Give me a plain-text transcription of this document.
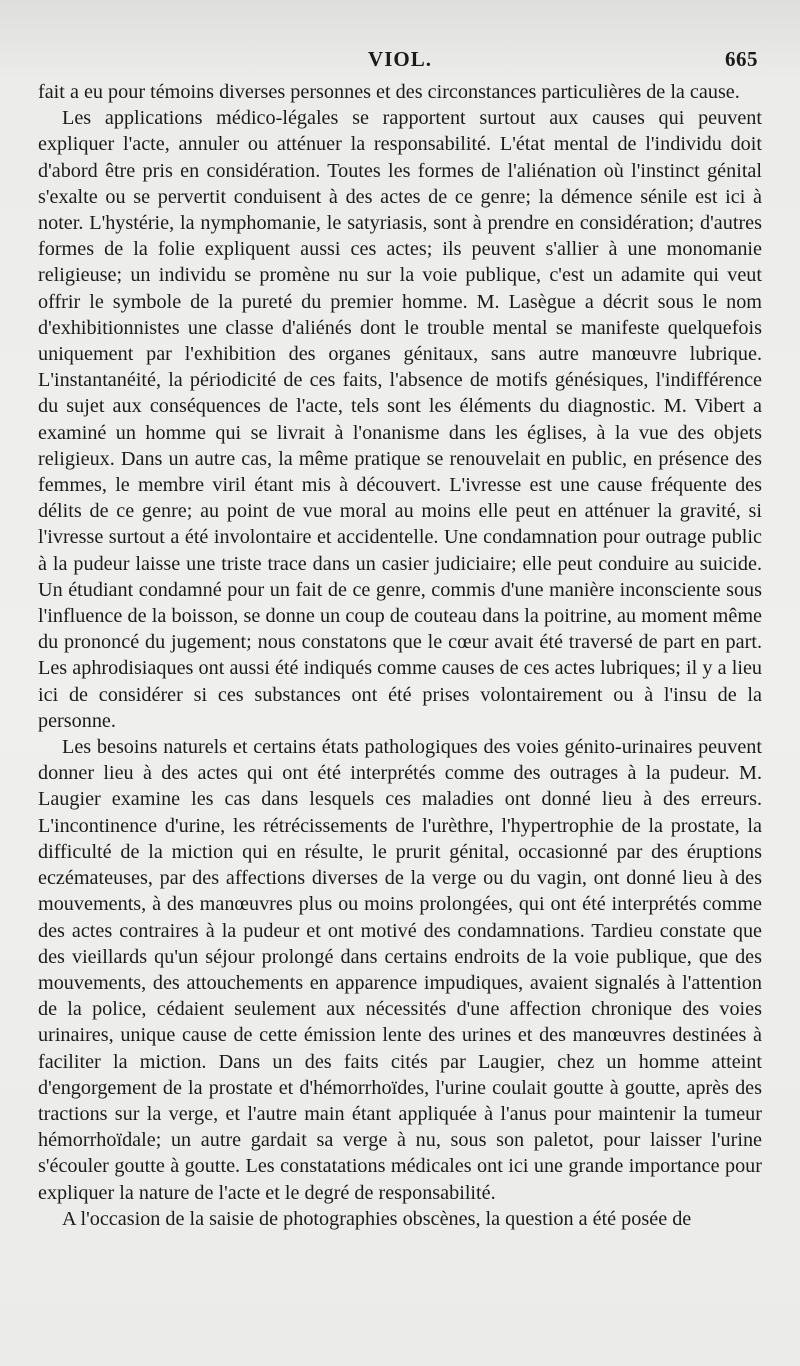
VIOL.	665

fait a eu pour témoins diverses personnes et des circonstances particulières de la cause.

Les applications médico-légales se rapportent surtout aux causes qui peuvent expliquer l'acte, annuler ou atténuer la responsabilité. L'état mental de l'individu doit d'abord être pris en considération. Toutes les formes de l'aliénation où l'instinct génital s'exalte ou se pervertit conduisent à des actes de ce genre; la démence sénile est ici à noter. L'hystérie, la nymphomanie, le satyriasis, sont à prendre en considération; d'autres formes de la folie expliquent aussi ces actes; ils peuvent s'allier à une monomanie religieuse; un individu se promène nu sur la voie publique, c'est un adamite qui veut offrir le symbole de la pureté du premier homme. M. Lasègue a décrit sous le nom d'exhibitionnistes une classe d'aliénés dont le trouble mental se manifeste quelquefois uniquement par l'exhibition des organes génitaux, sans autre manœuvre lubrique. L'instantanéité, la périodicité de ces faits, l'absence de motifs génésiques, l'indifférence du sujet aux conséquences de l'acte, tels sont les éléments du diagnostic. M. Vibert a examiné un homme qui se livrait à l'onanisme dans les églises, à la vue des objets religieux. Dans un autre cas, la même pratique se renouvelait en public, en présence des femmes, le membre viril étant mis à découvert. L'ivresse est une cause fréquente des délits de ce genre; au point de vue moral au moins elle peut en atténuer la gravité, si l'ivresse surtout a été involontaire et accidentelle. Une condamnation pour outrage public à la pudeur laisse une triste trace dans un casier judiciaire; elle peut conduire au suicide. Un étudiant condamné pour un fait de ce genre, commis d'une manière inconsciente sous l'influence de la boisson, se donne un coup de couteau dans la poitrine, au moment même du prononcé du jugement; nous constatons que le cœur avait été traversé de part en part. Les aphrodisiaques ont aussi été indiqués comme causes de ces actes lubriques; il y a lieu ici de considérer si ces substances ont été prises volontairement ou à l'insu de la personne.

Les besoins naturels et certains états pathologiques des voies génito-urinaires peuvent donner lieu à des actes qui ont été interprétés comme des outrages à la pudeur. M. Laugier examine les cas dans lesquels ces maladies ont donné lieu à des erreurs. L'incontinence d'urine, les rétrécissements de l'urèthre, l'hypertrophie de la prostate, la difficulté de la miction qui en résulte, le prurit génital, occasionné par des éruptions eczémateuses, par des affections diverses de la verge ou du vagin, ont donné lieu à des mouvements, à des manœuvres plus ou moins prolongées, qui ont été interprétés comme des actes contraires à la pudeur et ont motivé des condamnations. Tardieu constate que des vieillards qu'un séjour prolongé dans certains endroits de la voie publique, que des mouvements, des attouchements en apparence impudiques, avaient signalés à l'attention de la police, cédaient seulement aux nécessités d'une affection chronique des voies urinaires, unique cause de cette émission lente des urines et des manœuvres destinées à faciliter la miction. Dans un des faits cités par Laugier, chez un homme atteint d'engorgement de la prostate et d'hémorrhoïdes, l'urine coulait goutte à goutte, après des tractions sur la verge, et l'autre main étant appliquée à l'anus pour maintenir la tumeur hémorrhoïdale; un autre gardait sa verge à nu, sous son paletot, pour laisser l'urine s'écouler goutte à goutte. Les constatations médicales ont ici une grande importance pour expliquer la nature de l'acte et le degré de responsabilité.

A l'occasion de la saisie de photographies obscènes, la question a été posée de
